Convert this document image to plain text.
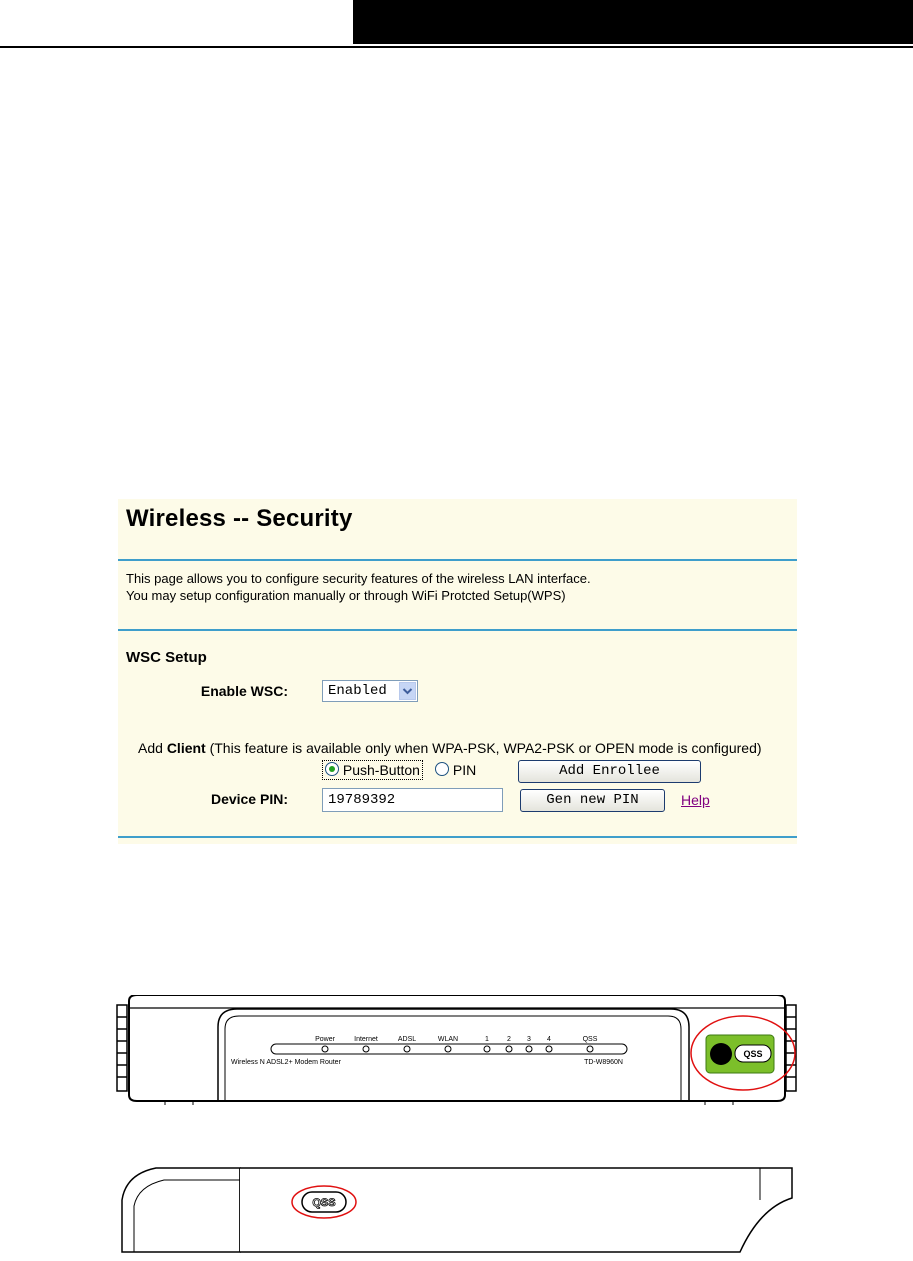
Wireless -- Security
This page allows you to configure security features of the wireless LAN interface.
You may setup configuration manually or through WiFi Protcted Setup(WPS)
WSC Setup
Enable WSC:	Enabled
Add Client (This feature is available only when WPA-PSK, WPA2-PSK or OPEN mode is configured)
Push-Button	PIN	Add Enrollee
Device PIN:
19789392	Gen new PIN	Help
Power	Internet	ADSL	WLAN	1	2 3 4	QSS
Wireless N ADSL2+ Modem Router	TD-W8960N
QSS
QSS
